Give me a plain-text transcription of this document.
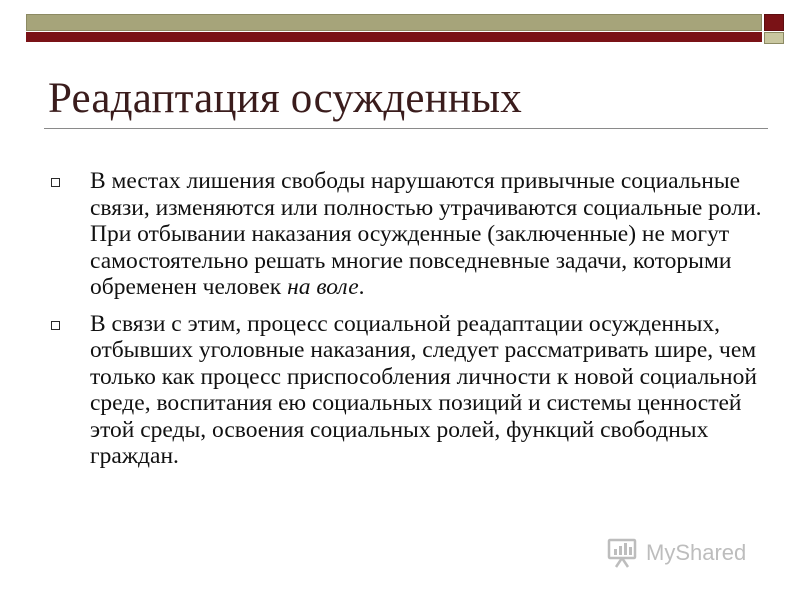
Реадаптация осужденных
В местах лишения свободы нарушаются привычные социальные связи, изменяются или полностью утрачиваются социальные роли. При отбывании наказания осужденные (заключенные) не могут самостоятельно решать многие повседневные задачи, которыми обременен человек на воле.
В связи с этим, процесс социальной реадаптации осужденных, отбывших уголовные наказания, следует рассматривать шире, чем только как процесс приспособления личности к новой социальной среде, воспитания ею социальных позиций и системы ценностей этой среды, освоения социальных ролей, функций свободных граждан.
MyShared
